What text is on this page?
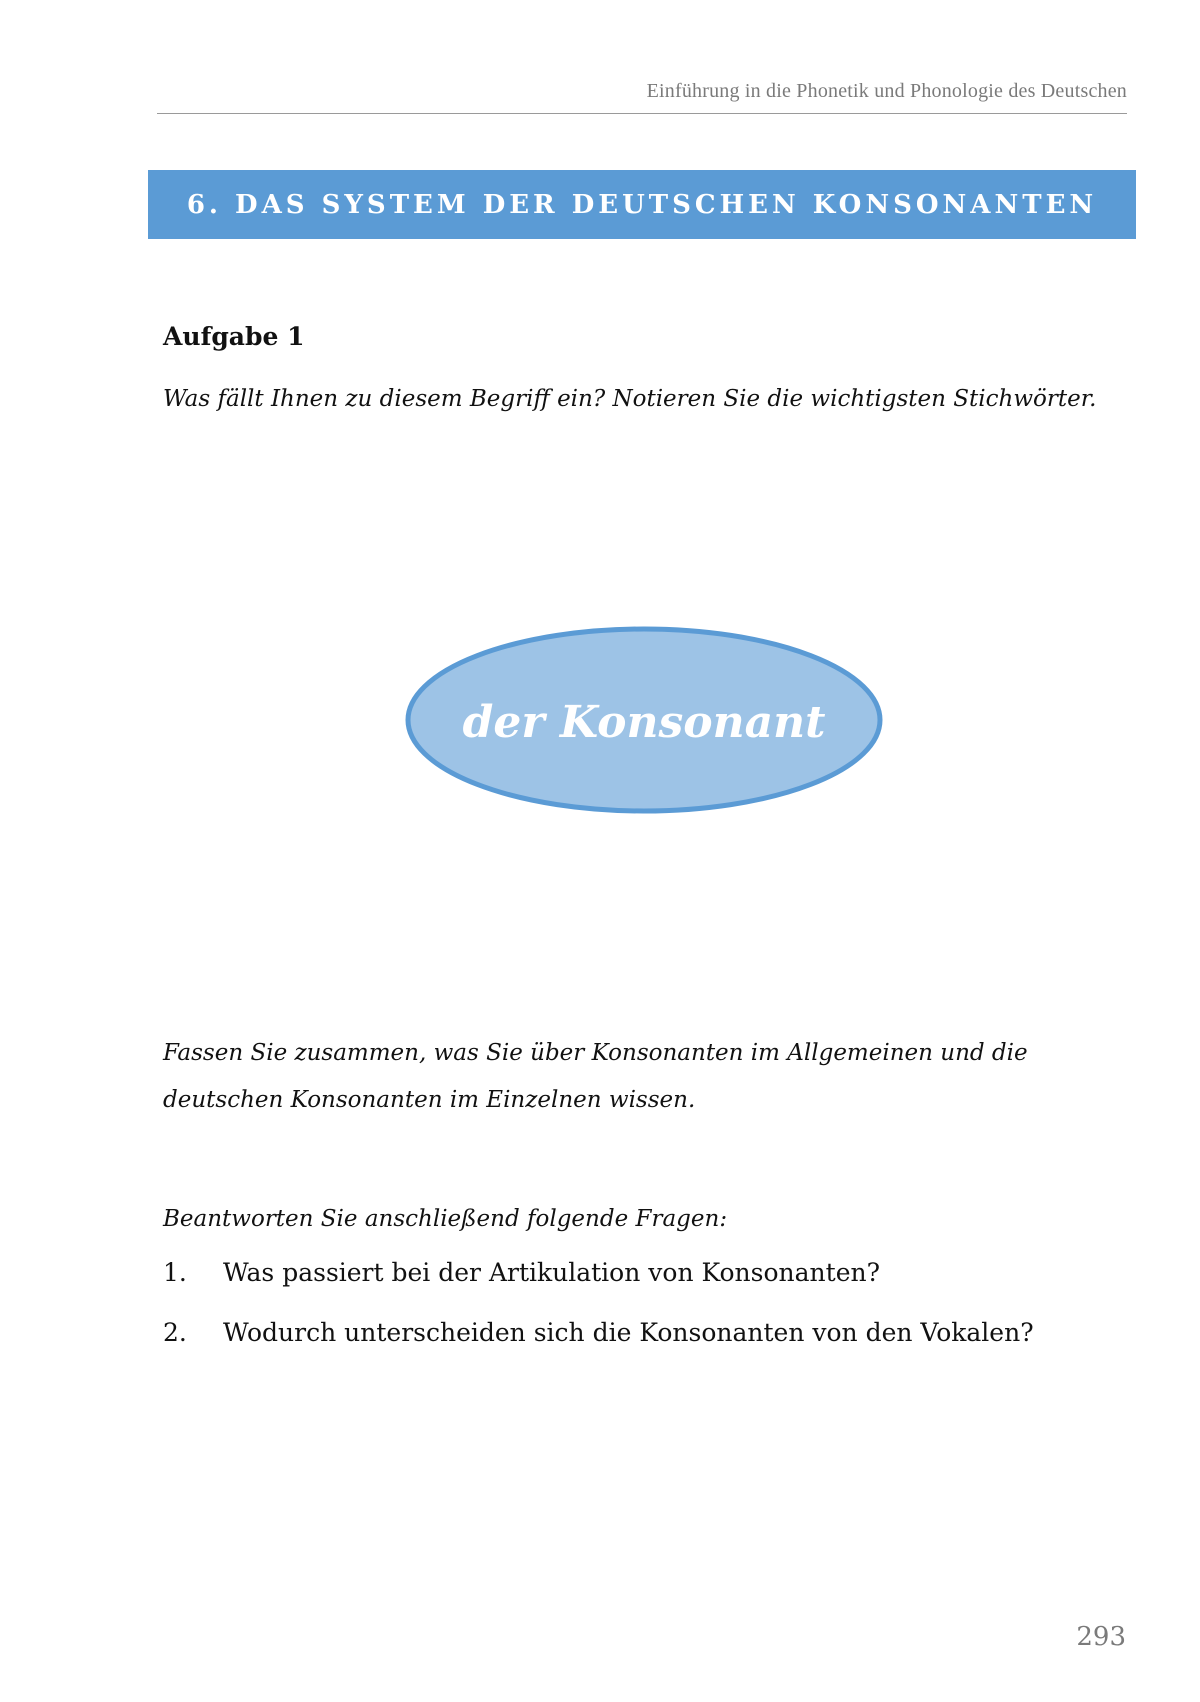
Einführung in die Phonetik und Phonologie des Deutschen
6. DAS SYSTEM DER DEUTSCHEN KONSONANTEN
Aufgabe 1
Was fällt Ihnen zu diesem Begriff ein? Notieren Sie die wichtigsten Stichwörter.
der Konsonant
Fassen Sie zusammen, was Sie über Konsonanten im Allgemeinen und die
deutschen Konsonanten im Einzelnen wissen.
Beantworten Sie anschließend folgende Fragen:
1.	Was passiert bei der Artikulation von Konsonanten?
2.	Wodurch unterscheiden sich die Konsonanten von den Vokalen?
293
